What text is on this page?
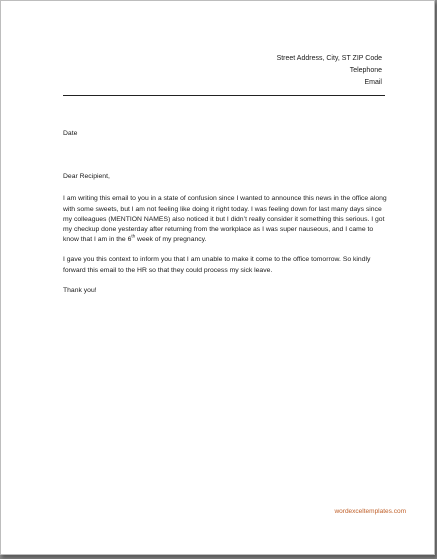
Street Address, City, ST ZIP Code
Telephone
Email

Date

Dear Recipient,

I am writing this email to you in a state of confusion since I wanted to announce this news in the office along with some sweets, but I am not feeling like doing it right today. I was feeling down for last many days since my colleagues (MENTION NAMES) also noticed it but I didn’t really consider it something this serious. I got my checkup done yesterday after returning from the workplace as I was super nauseous, and I came to know that I am in the 6th week of my pregnancy.

I gave you this context to inform you that I am unable to make it come to the office tomorrow. So kindly forward this email to the HR so that they could process my sick leave.

Thank you!

wordexceltemplates.com
